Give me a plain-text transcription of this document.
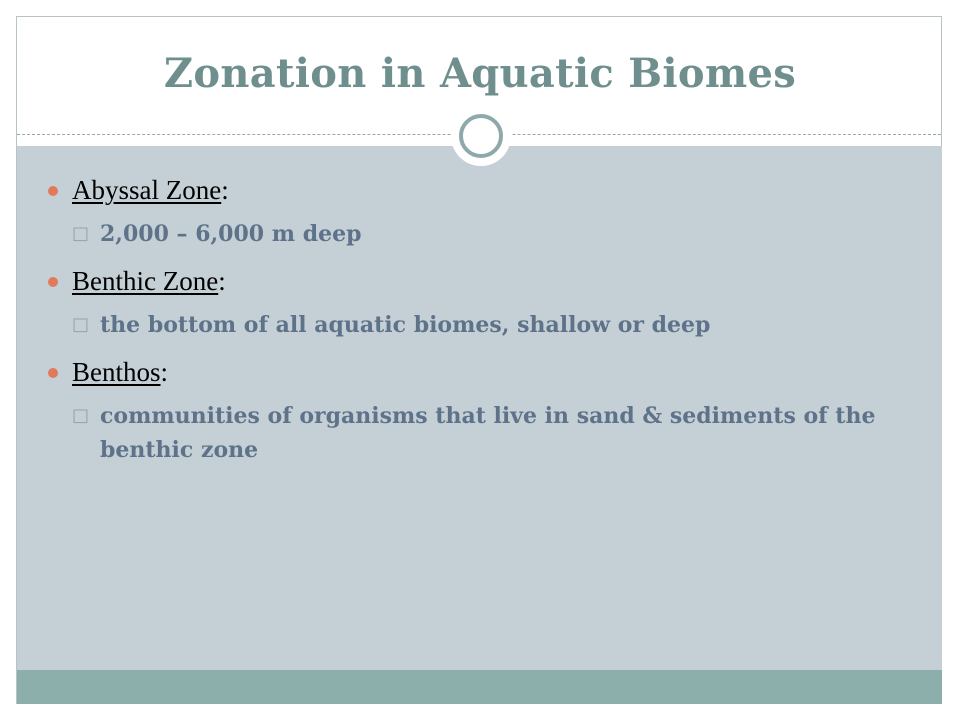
Zonation in Aquatic Biomes
Abyssal Zone:
□ 2,000 – 6,000 m deep
Benthic Zone:
□ the bottom of all aquatic biomes, shallow or deep
Benthos:
□ communities of organisms that live in sand & sediments of the benthic zone
